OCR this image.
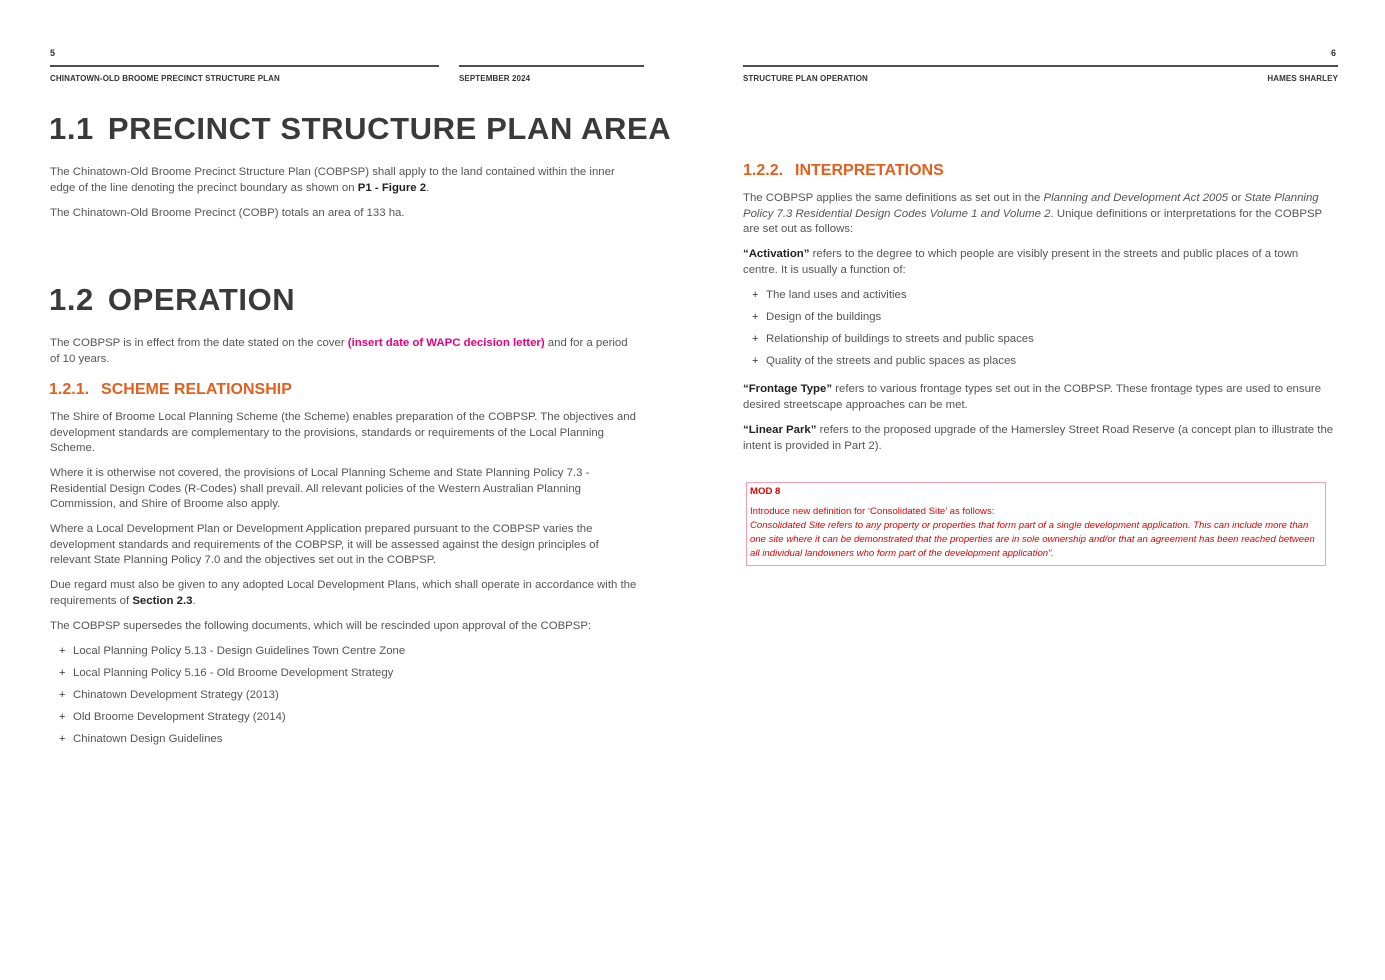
5
CHINATOWN-OLD BROOME PRECINCT STRUCTURE PLAN	SEPTEMBER 2024
1.1 PRECINCT STRUCTURE PLAN AREA

The Chinatown-Old Broome Precinct Structure Plan (COBPSP) shall apply to the land contained within the inner edge of the line denoting the precinct boundary as shown on P1 - Figure 2.

The Chinatown-Old Broome Precinct (COBP) totals an area of 133 ha.

1.2 OPERATION

The COBPSP is in effect from the date stated on the cover (insert date of WAPC decision letter) and for a period of 10 years.

1.2.1. SCHEME RELATIONSHIP

The Shire of Broome Local Planning Scheme (the Scheme) enables preparation of the COBPSP. The objectives and development standards are complementary to the provisions, standards or requirements of the Local Planning Scheme.

Where it is otherwise not covered, the provisions of Local Planning Scheme and State Planning Policy 7.3 - Residential Design Codes (R-Codes) shall prevail. All relevant policies of the Western Australian Planning Commission, and Shire of Broome also apply.

Where a Local Development Plan or Development Application prepared pursuant to the COBPSP varies the development standards and requirements of the COBPSP, it will be assessed against the design principles of relevant State Planning Policy 7.0 and the objectives set out in the COBPSP.

Due regard must also be given to any adopted Local Development Plans, which shall operate in accordance with the requirements of Section 2.3.

The COBPSP supersedes the following documents, which will be rescinded upon approval of the COBPSP:

+ Local Planning Policy 5.13 - Design Guidelines Town Centre Zone
+ Local Planning Policy 5.16 - Old Broome Development Strategy
+ Chinatown Development Strategy (2013)
+ Old Broome Development Strategy (2014)
+ Chinatown Design Guidelines
6
STRUCTURE PLAN OPERATION	HAMES SHARLEY
1.2.2. INTERPRETATIONS

The COBPSP applies the same definitions as set out in the Planning and Development Act 2005 or State Planning Policy 7.3 Residential Design Codes Volume 1 and Volume 2. Unique definitions or interpretations for the COBPSP are set out as follows:

“Activation” refers to the degree to which people are visibly present in the streets and public places of a town centre. It is usually a function of:

+ The land uses and activities
+ Design of the buildings
+ Relationship of buildings to streets and public spaces
+ Quality of the streets and public spaces as places

“Frontage Type” refers to various frontage types set out in the COBPSP. These frontage types are used to ensure desired streetscape approaches can be met.

“Linear Park” refers to the proposed upgrade of the Hamersley Street Road Reserve (a concept plan to illustrate the intent is provided in Part 2).

MOD 8
Introduce new definition for ‘Consolidated Site’ as follows:
Consolidated Site refers to any property or properties that form part of a single development application. This can include more than one site where it can be demonstrated that the properties are in sole ownership and/or that an agreement has been reached between all individual landowners who form part of the development application”.
